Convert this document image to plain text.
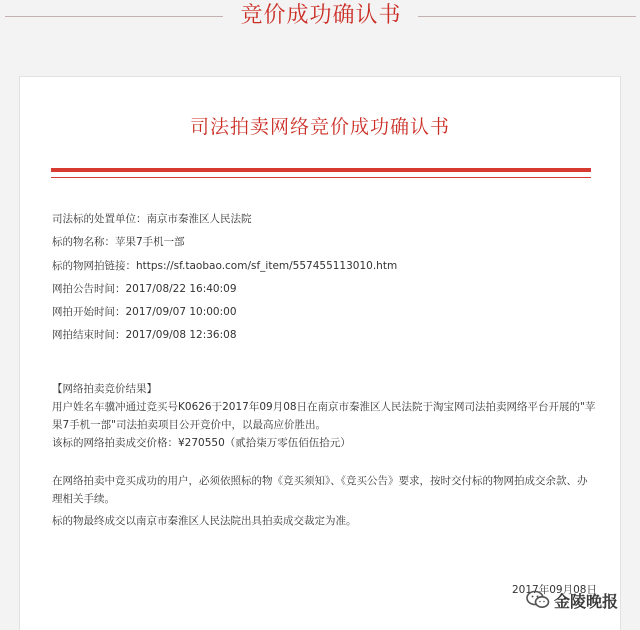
竞价成功确认书
司法拍卖网络竞价成功确认书
司法标的处置单位：南京市秦淮区人民法院
标的物名称：苹果7手机一部
标的物网拍链接：https://sf.taobao.com/sf_item/557455113010.htm
网拍公告时间：2017/08/22 16:40:09
网拍开始时间：2017/09/07 10:00:00
网拍结束时间：2017/09/08 12:36:08

【网络拍卖竞价结果】

用户姓名车骥冲通过竞买号K0626于2017年09月08日在南京市秦淮区人民法院于淘宝网司法拍卖网络平台开展的"苹果7手机一部"司法拍卖项目公开竞价中，以最高应价胜出。

该标的网络拍卖成交价格：¥270550（贰拾柒万零伍佰伍拾元）

在网络拍卖中竞买成功的用户，必须依照标的物《竞买须知》、《竞买公告》要求，按时交付标的物网拍成交余款、办理相关手续。

标的物最终成交以南京市秦淮区人民法院出具拍卖成交裁定为准。

2017年09月08日
金陵晚报
